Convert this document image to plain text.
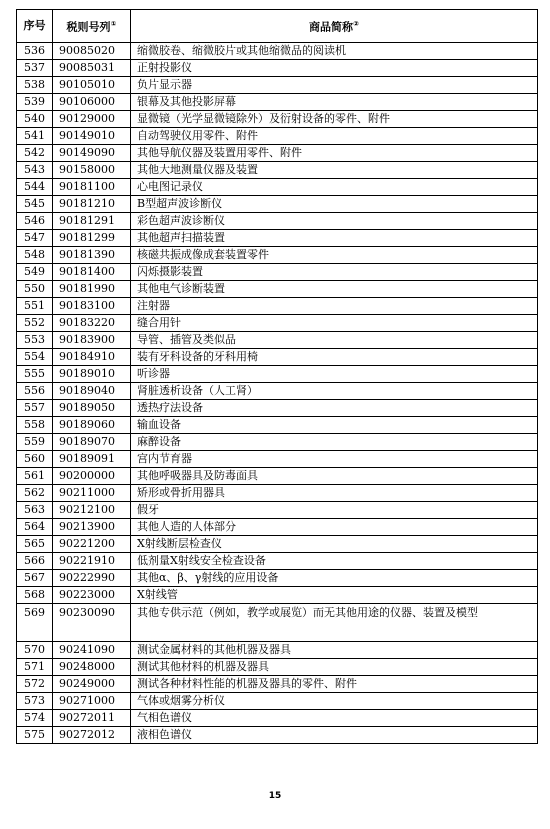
序号	税则号列①	商品简称②
536	90085020	缩微胶卷、缩微胶片或其他缩微品的阅读机
537	90085031	正射投影仪
538	90105010	负片显示器
539	90106000	银幕及其他投影屏幕
540	90129000	显微镜（光学显微镜除外）及衍射设备的零件、附件
541	90149010	自动驾驶仪用零件、附件
542	90149090	其他导航仪器及装置用零件、附件
543	90158000	其他大地测量仪器及装置
544	90181100	心电图记录仪
545	90181210	B型超声波诊断仪
546	90181291	彩色超声波诊断仪
547	90181299	其他超声扫描装置
548	90181390	核磁共振成像成套装置零件
549	90181400	闪烁摄影装置
550	90181990	其他电气诊断装置
551	90183100	注射器
552	90183220	缝合用针
553	90183900	导管、插管及类似品
554	90184910	装有牙科设备的牙科用椅
555	90189010	听诊器
556	90189040	肾脏透析设备（人工肾）
557	90189050	透热疗法设备
558	90189060	输血设备
559	90189070	麻醉设备
560	90189091	宫内节育器
561	90200000	其他呼吸器具及防毒面具
562	90211000	矫形或骨折用器具
563	90212100	假牙
564	90213900	其他人造的人体部分
565	90221200	X射线断层检查仪
566	90221910	低剂量X射线安全检查设备
567	90222990	其他α、β、γ射线的应用设备
568	90223000	X射线管
569	90230090	其他专供示范（例如，教学或展览）而无其他用途的仪器、装置及模型
570	90241090	测试金属材料的其他机器及器具
571	90248000	测试其他材料的机器及器具
572	90249000	测试各种材料性能的机器及器具的零件、附件
573	90271000	气体或烟雾分析仪
574	90272011	气相色谱仪
575	90272012	液相色谱仪
15
